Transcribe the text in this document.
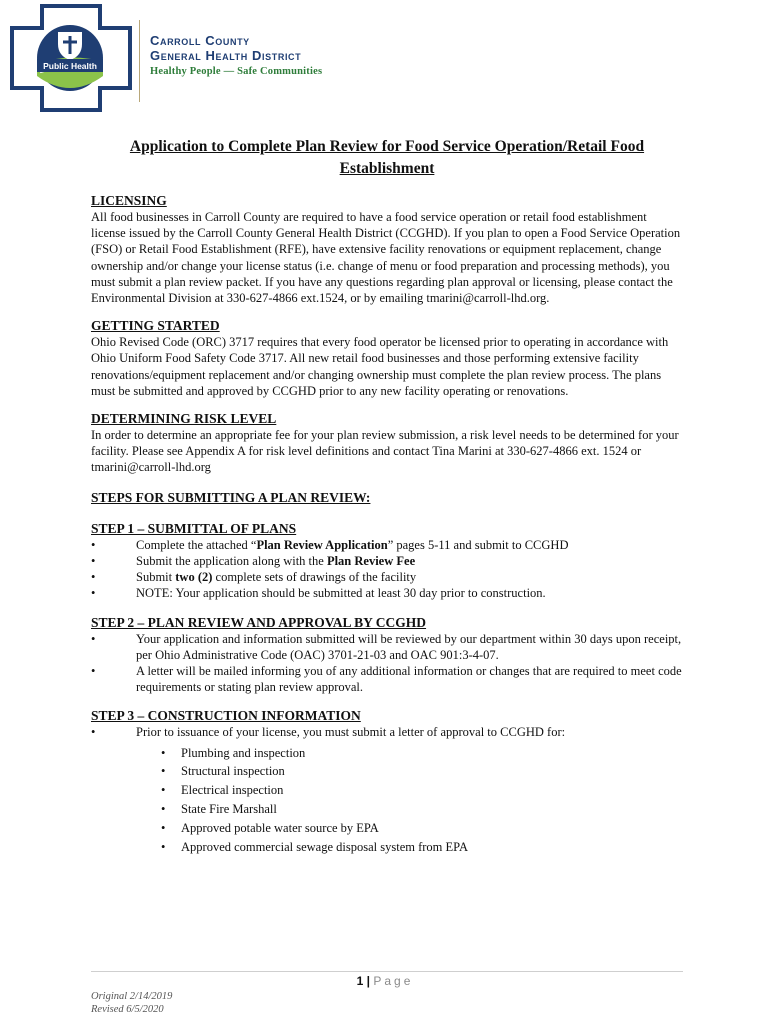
Public Health
Carroll County
General Health District
Healthy People — Safe Communities
Application to Complete Plan Review for Food Service Operation/Retail Food
Establishment
LICENSING

All food businesses in Carroll County are required to have a food service operation or retail food establishment license issued by the Carroll County General Health District (CCGHD). If you plan to open a Food Service Operation (FSO) or Retail Food Establishment (RFE), have extensive facility renovations or equipment replacement, change ownership and/or change your license status (i.e. change of menu or food preparation and processing methods), you must submit a plan review packet. If you have any questions regarding plan approval or licensing, please contact the Environmental Division at 330-627-4866 ext.1524, or by emailing tmarini@carroll-lhd.org.

GETTING STARTED

Ohio Revised Code (ORC) 3717 requires that every food operator be licensed prior to operating in accordance with Ohio Uniform Food Safety Code 3717. All new retail food businesses and those performing extensive facility renovations/equipment replacement and/or changing ownership must complete the plan review process. The plans must be submitted and approved by CCGHD prior to any new facility operating or renovations.

DETERMINING RISK LEVEL

In order to determine an appropriate fee for your plan review submission, a risk level needs to be determined for your facility. Please see Appendix A for risk level definitions and contact Tina Marini at 330-627-4866 ext. 1524 or tmarini@carroll-lhd.org

STEPS FOR SUBMITTING A PLAN REVIEW:
STEP 1 – SUBMITTAL OF PLANS
• Complete the attached “Plan Review Application” pages 5-11 and submit to CCGHD
• Submit the application along with the Plan Review Fee
• Submit two (2) complete sets of drawings of the facility
• NOTE: Your application should be submitted at least 30 day prior to construction.
STEP 2 – PLAN REVIEW AND APPROVAL BY CCGHD
• Your application and information submitted will be reviewed by our department within 30 days upon receipt, per Ohio Administrative Code (OAC) 3701-21-03 and OAC 901:3-4-07.
• A letter will be mailed informing you of any additional information or changes that are required to meet code requirements or stating plan review approval.
STEP 3 – CONSTRUCTION INFORMATION
• Prior to issuance of your license, you must submit a letter of approval to CCGHD for:
• Plumbing and inspection
• Structural inspection
• Electrical inspection
• State Fire Marshall
• Approved potable water source by EPA
• Approved commercial sewage disposal system from EPA
1 | Page
Original 2/14/2019
Revised 6/5/2020
